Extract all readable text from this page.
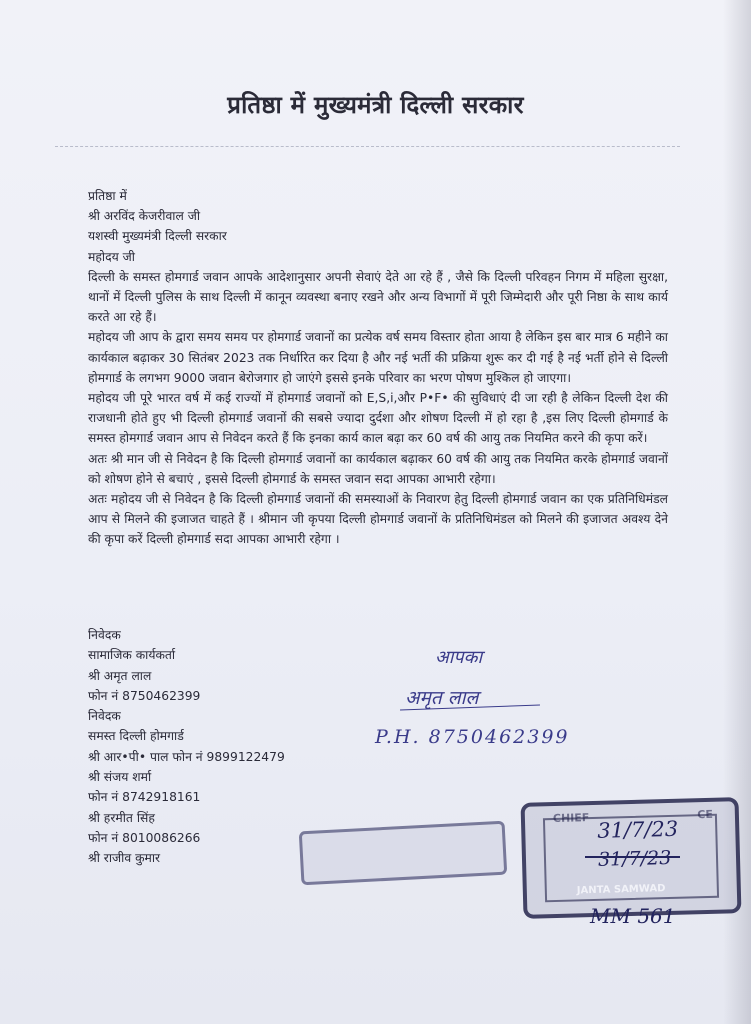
प्रतिष्ठा में मुख्यमंत्री दिल्ली सरकार
प्रतिष्ठा में
श्री अरविंद केजरीवाल जी
यशस्वी मुख्यमंत्री दिल्ली सरकार
महोदय जी

दिल्ली के समस्त होमगार्ड जवान आपके आदेशानुसार अपनी सेवाएं देते आ रहे हैं , जैसे कि दिल्ली परिवहन निगम में महिला सुरक्षा, थानों में दिल्ली पुलिस के साथ दिल्ली में कानून व्यवस्था बनाए रखने और अन्य विभागों में पूरी जिम्मेदारी और पूरी निष्ठा के साथ कार्य करते आ रहे हैं।

महोदय जी आप के द्वारा समय समय पर होमगार्ड जवानों का प्रत्येक वर्ष समय विस्तार होता आया है लेकिन इस बार मात्र 6 महीने का कार्यकाल बढ़ाकर 30 सितंबर 2023 तक निर्धारित कर दिया है और नई भर्ती की प्रक्रिया शुरू कर दी गई है नई भर्ती होने से दिल्ली होमगार्ड के लगभग 9000 जवान बेरोजगार हो जाएंगे इससे इनके परिवार का भरण पोषण मुश्किल हो जाएगा।

महोदय जी पूरे भारत वर्ष में कई राज्यों में होमगार्ड जवानों को E,S,i,और P•F• की सुविधाएं दी जा रही है लेकिन दिल्ली देश की राजधानी होते हुए भी दिल्ली होमगार्ड जवानों की सबसे ज्यादा दुर्दशा और शोषण दिल्ली में हो रहा है ,इस लिए दिल्ली होमगार्ड के समस्त होमगार्ड जवान आप से निवेदन करते हैं कि इनका कार्य काल बढ़ा कर 60 वर्ष की आयु तक नियमित करने की कृपा करें।

अतः श्री मान जी से निवेदन है कि दिल्ली होमगार्ड जवानों का कार्यकाल बढ़ाकर 60 वर्ष की आयु तक नियमित करके होमगार्ड जवानों को शोषण होने से बचाएं , इससे दिल्ली होमगार्ड के समस्त जवान सदा आपका आभारी रहेगा।

अतः महोदय जी से निवेदन है कि दिल्ली होमगार्ड जवानों की समस्याओं के निवारण हेतु दिल्ली होमगार्ड जवान का एक प्रतिनिधिमंडल आप से मिलने की इजाजत चाहते हैं । श्रीमान जी कृपया दिल्ली होमगार्ड जवानों के प्रतिनिधिमंडल को मिलने की इजाजत अवश्य देने की कृपा करें दिल्ली होमगार्ड सदा आपका आभारी रहेगा ।

निवेदक
सामाजिक कार्यकर्ता
श्री अमृत लाल
फोन नं 8750462399
निवेदक
समस्त दिल्ली होमगार्ड
श्री आर•पी• पाल फोन नं 9899122479
श्री संजय शर्मा
फोन नं 8742918161
श्री हरमीत सिंह
फोन नं 8010086266
श्री राजीव कुमार
आपका
अमृत लाल
P.H. 8750462399
CHIEF	CE
31/7/23
31/7/23
JANTA SAMWAD
MM 561
